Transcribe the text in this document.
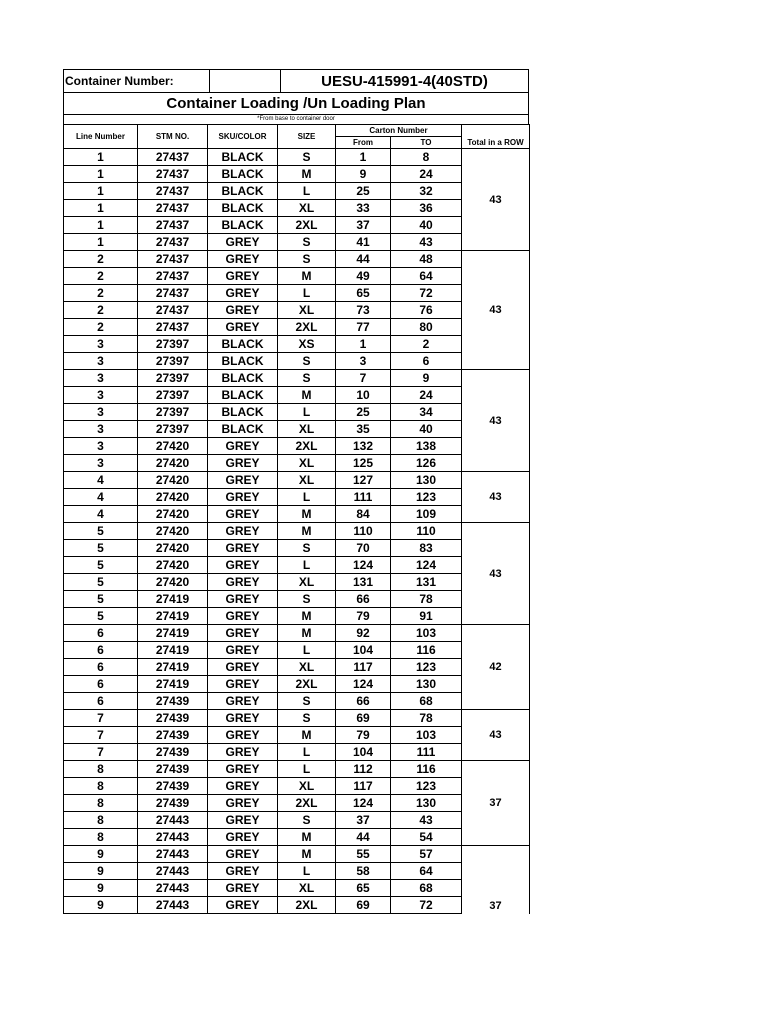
Container Number:	UESU-415991-4(40STD)
Container Loading /Un Loading Plan
*From base to container door
Line Number	STM NO.	SKU/COLOR	SIZE	Carton Number		Total in a ROW
				From	TO	
1	27437	BLACK	S	1	8	43
1	27437	BLACK	M	9	24	
1	27437	BLACK	L	25	32	
1	27437	BLACK	XL	33	36	
1	27437	BLACK	2XL	37	40	
1	27437	GREY	S	41	43	
2	27437	GREY	S	44	48	43
2	27437	GREY	M	49	64	
2	27437	GREY	L	65	72	
2	27437	GREY	XL	73	76	
2	27437	GREY	2XL	77	80	
3	27397	BLACK	XS	1	2	
3	27397	BLACK	S	3	6	
3	27397	BLACK	S	7	9	43
3	27397	BLACK	M	10	24	
3	27397	BLACK	L	25	34	
3	27397	BLACK	XL	35	40	
3	27420	GREY	2XL	132	138	
3	27420	GREY	XL	125	126	
4	27420	GREY	XL	127	130	43
4	27420	GREY	L	111	123	
4	27420	GREY	M	84	109	
5	27420	GREY	M	110	110	43
5	27420	GREY	S	70	83	
5	27420	GREY	L	124	124	
5	27420	GREY	XL	131	131	
5	27419	GREY	S	66	78	
5	27419	GREY	M	79	91	
6	27419	GREY	M	92	103	42
6	27419	GREY	L	104	116	
6	27419	GREY	XL	117	123	
6	27419	GREY	2XL	124	130	
6	27439	GREY	S	66	68	
7	27439	GREY	S	69	78	43
7	27439	GREY	M	79	103	
7	27439	GREY	L	104	111	
8	27439	GREY	L	112	116	37
8	27439	GREY	XL	117	123	
8	27439	GREY	2XL	124	130	
8	27443	GREY	S	37	43	
8	27443	GREY	M	44	54	
9	27443	GREY	M	55	57	37
9	27443	GREY	L	58	64	
9	27443	GREY	XL	65	68	
9	27443	GREY	2XL	69	72	
